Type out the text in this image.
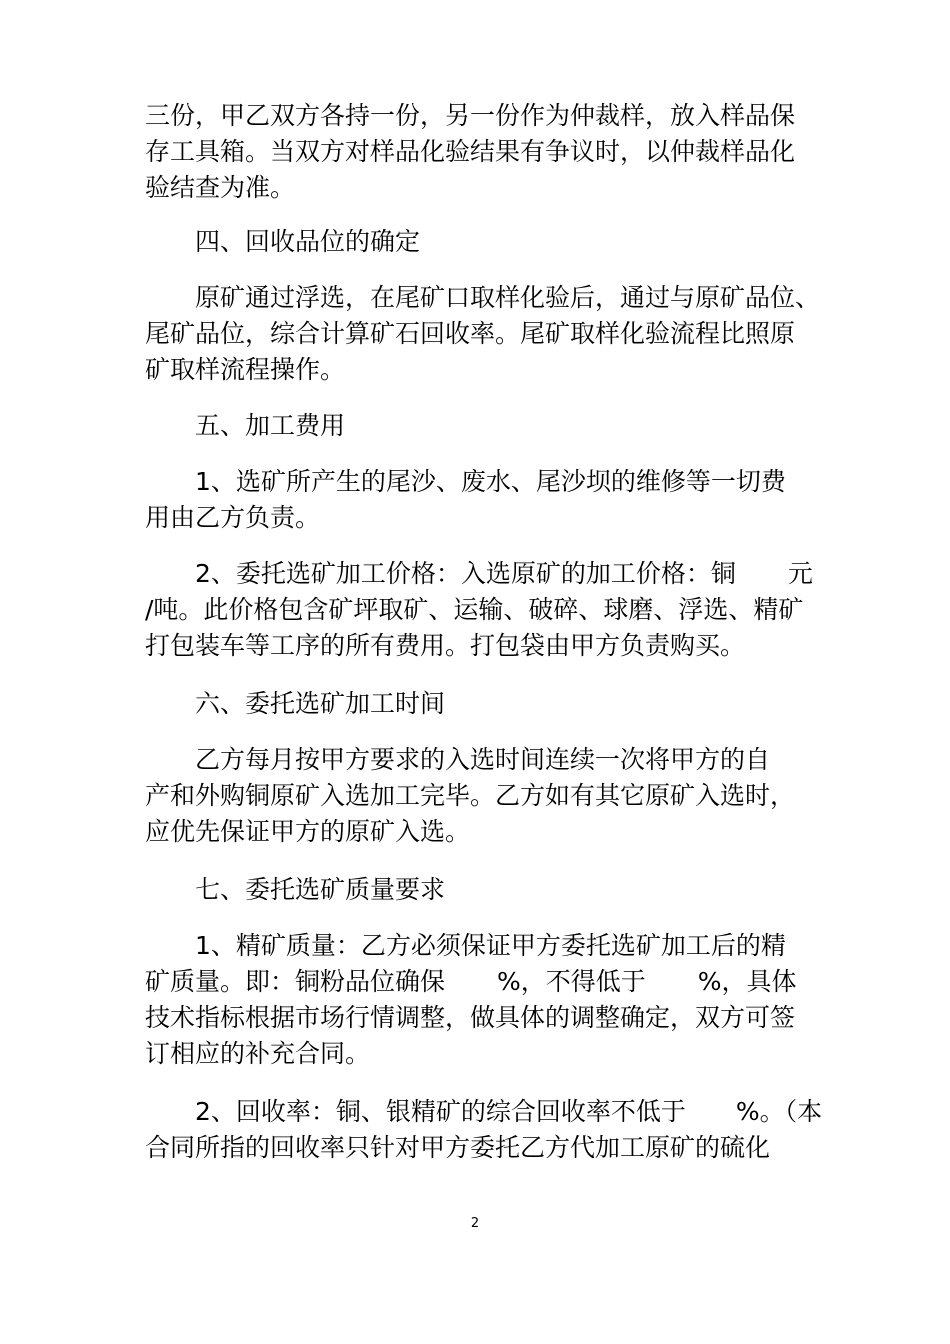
三份，甲乙双方各持一份，另一份作为仲裁样，放入样品保
存工具箱。当双方对样品化验结果有争议时，以仲裁样品化
验结查为准。
四、回收品位的确定
原矿通过浮选，在尾矿口取样化验后，通过与原矿品位、
尾矿品位，综合计算矿石回收率。尾矿取样化验流程比照原
矿取样流程操作。
五、加工费用
1、选矿所产生的尾沙、废水、尾沙坝的维修等一切费
用由乙方负责。
2、委托选矿加工价格：入选原矿的加工价格：铜 元
/吨。此价格包含矿坪取矿、运输、破碎、球磨、浮选、精矿
打包装车等工序的所有费用。打包袋由甲方负责购买。
六、委托选矿加工时间
乙方每月按甲方要求的入选时间连续一次将甲方的自
产和外购铜原矿入选加工完毕。乙方如有其它原矿入选时，
应优先保证甲方的原矿入选。
七、委托选矿质量要求
1、精矿质量：乙方必须保证甲方委托选矿加工后的精
矿质量。即：铜粉品位确保 %，不得低于 %，具体
技术指标根据市场行情调整，做具体的调整确定，双方可签
订相应的补充合同。
2、回收率：铜、银精矿的综合回收率不低于 %。（本
合同所指的回收率只针对甲方委托乙方代加工原矿的硫化
2
